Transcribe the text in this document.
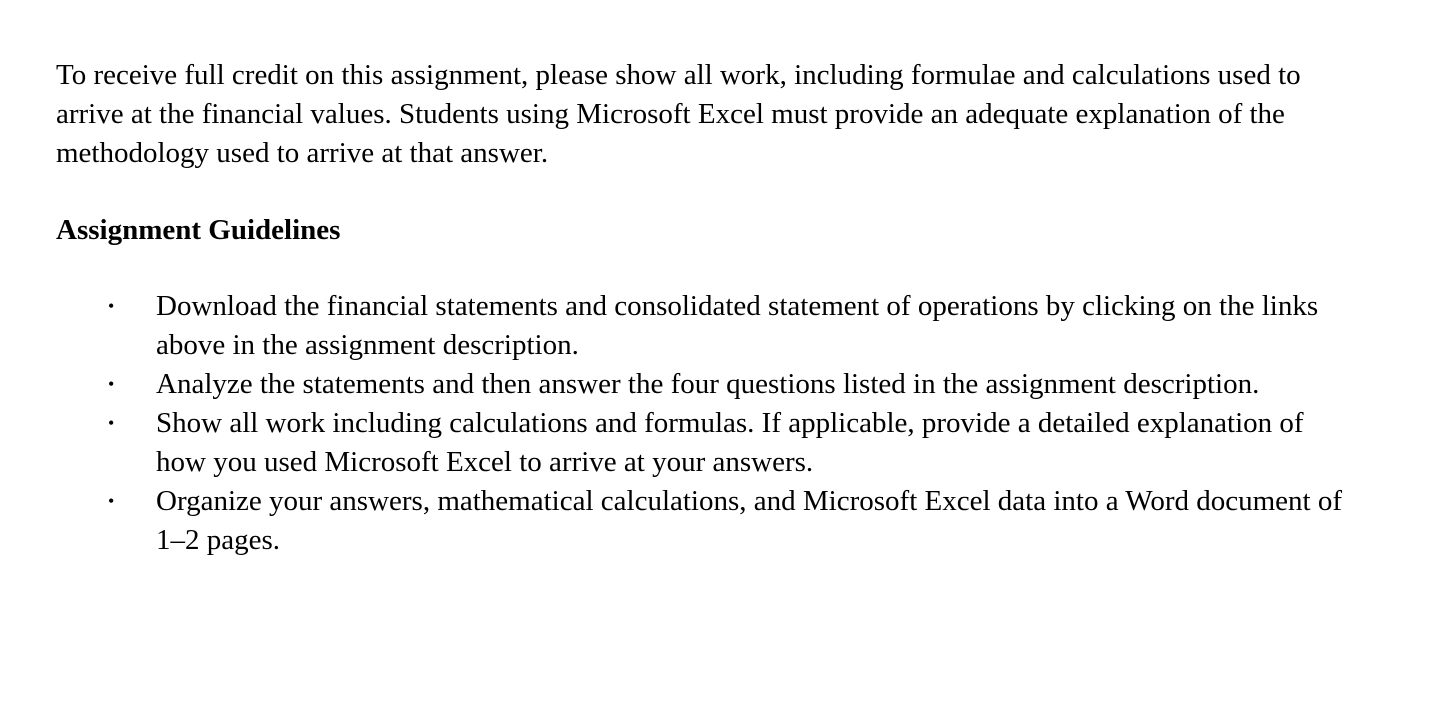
To receive full credit on this assignment, please show all work, including formulae and calculations used to arrive at the financial values. Students using Microsoft Excel must provide an adequate explanation of the methodology used to arrive at that answer.

Assignment Guidelines
• Download the financial statements and consolidated statement of operations by clicking on the links above in the assignment description.
• Analyze the statements and then answer the four questions listed in the assignment description.
• Show all work including calculations and formulas. If applicable, provide a detailed explanation of how you used Microsoft Excel to arrive at your answers.
• Organize your answers, mathematical calculations, and Microsoft Excel data into a Word document of 1–2 pages.
